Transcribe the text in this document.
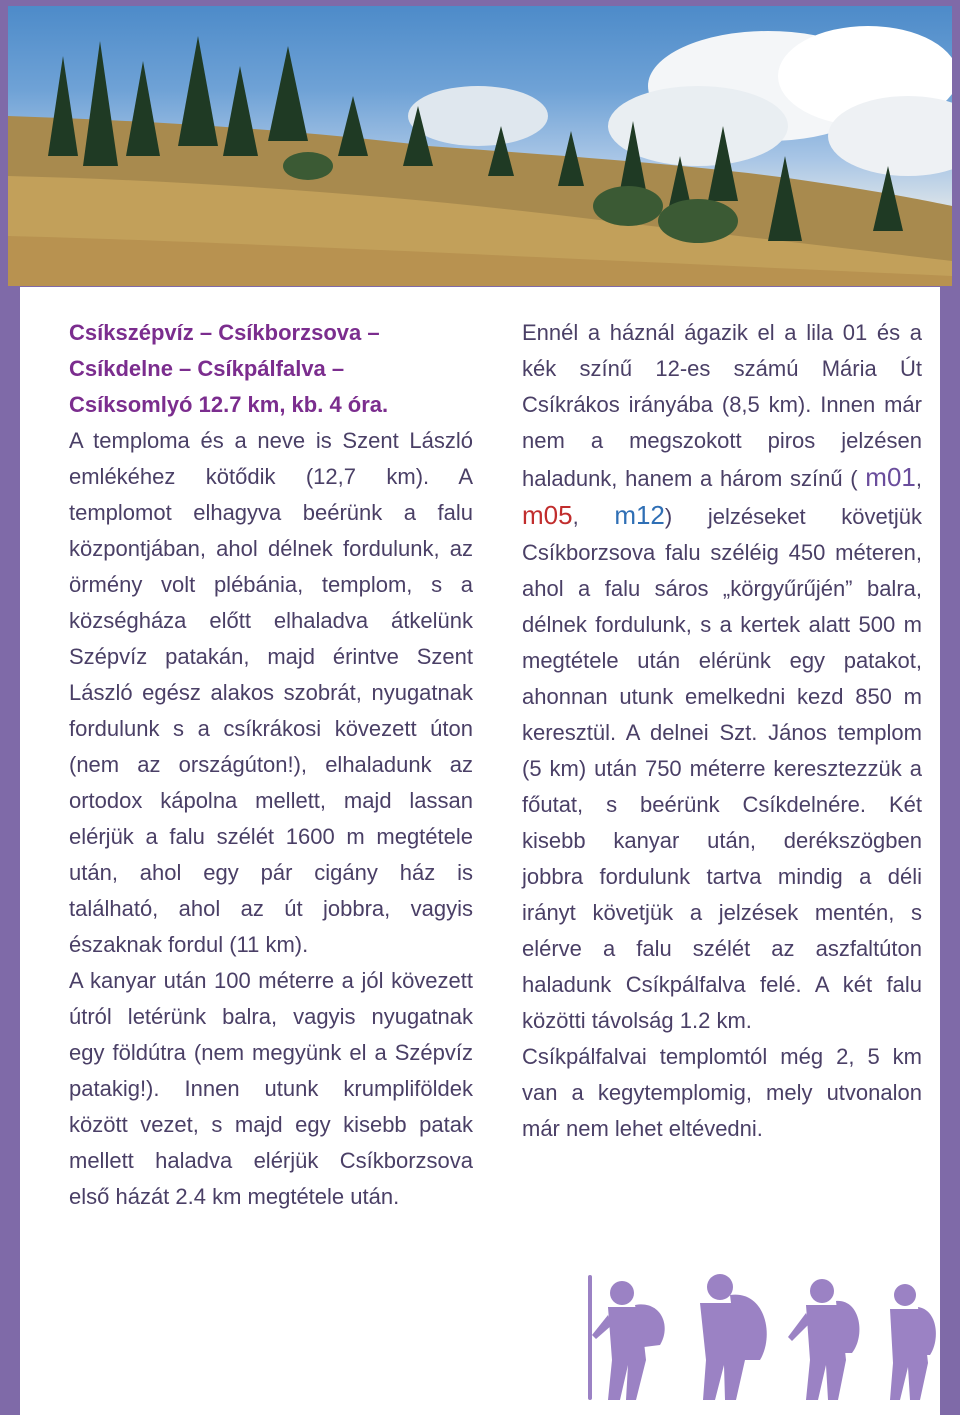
Csíkszépvíz – Csíkborzsova – Csíkdelne – Csíkpálfalva – Csíksomlyó 12.7 km, kb. 4 óra.

A temploma és a neve is Szent László emlékéhez kötődik (12,7 km). A templomot elhagyva beérünk a falu központjában, ahol délnek fordulunk, az örmény volt plébánia, templom, s a községháza előtt elhaladva átkelünk Szépvíz patakán, majd érintve Szent László egész alakos szobrát, nyugatnak fordulunk s a csíkrákosi kövezett úton (nem az országúton!), elhaladunk az ortodox kápolna mellett, majd lassan elérjük a falu szélét 1600 m megtétele után, ahol egy pár cigány ház is található, ahol az út jobbra, vagyis északnak fordul (11 km).

A kanyar után 100 méterre a jól kövezett útról letérünk balra, vagyis nyugatnak egy földútra (nem megyünk el a Szépvíz patakig!). Innen utunk krumpliföldek között vezet, s majd egy kisebb patak mellett haladva elérjük Csíkborzsova első házát 2.4 km megtétele után.

Ennél a háznál ágazik el a lila 01 és a kék színű 12-es számú Mária Út Csíkrákos irányába (8,5 km). Innen már nem a megszokott piros jelzésen haladunk, hanem a három színű ( m01, m05, m12) jelzéseket követjük Csíkborzsova falu széléig 450 méteren, ahol a falu sáros „körgyűrűjén” balra, délnek fordulunk, s a kertek alatt 500 m megtétele után elérünk egy patakot, ahonnan utunk emelkedni kezd 850 m keresztül. A delnei Szt. János templom (5 km) után 750 méterre keresztezzük a főutat, s beérünk Csíkdelnére. Két kisebb kanyar után, derékszögben jobbra fordulunk tartva mindig a déli irányt követjük a jelzések mentén, s elérve a falu szélét az aszfaltúton haladunk Csíkpálfalva felé. A két falu közötti távolság 1.2 km.

Csíkpálfalvai templomtól még 2, 5 km van a kegytemplomig, mely utvonalon már nem lehet eltévedni.
